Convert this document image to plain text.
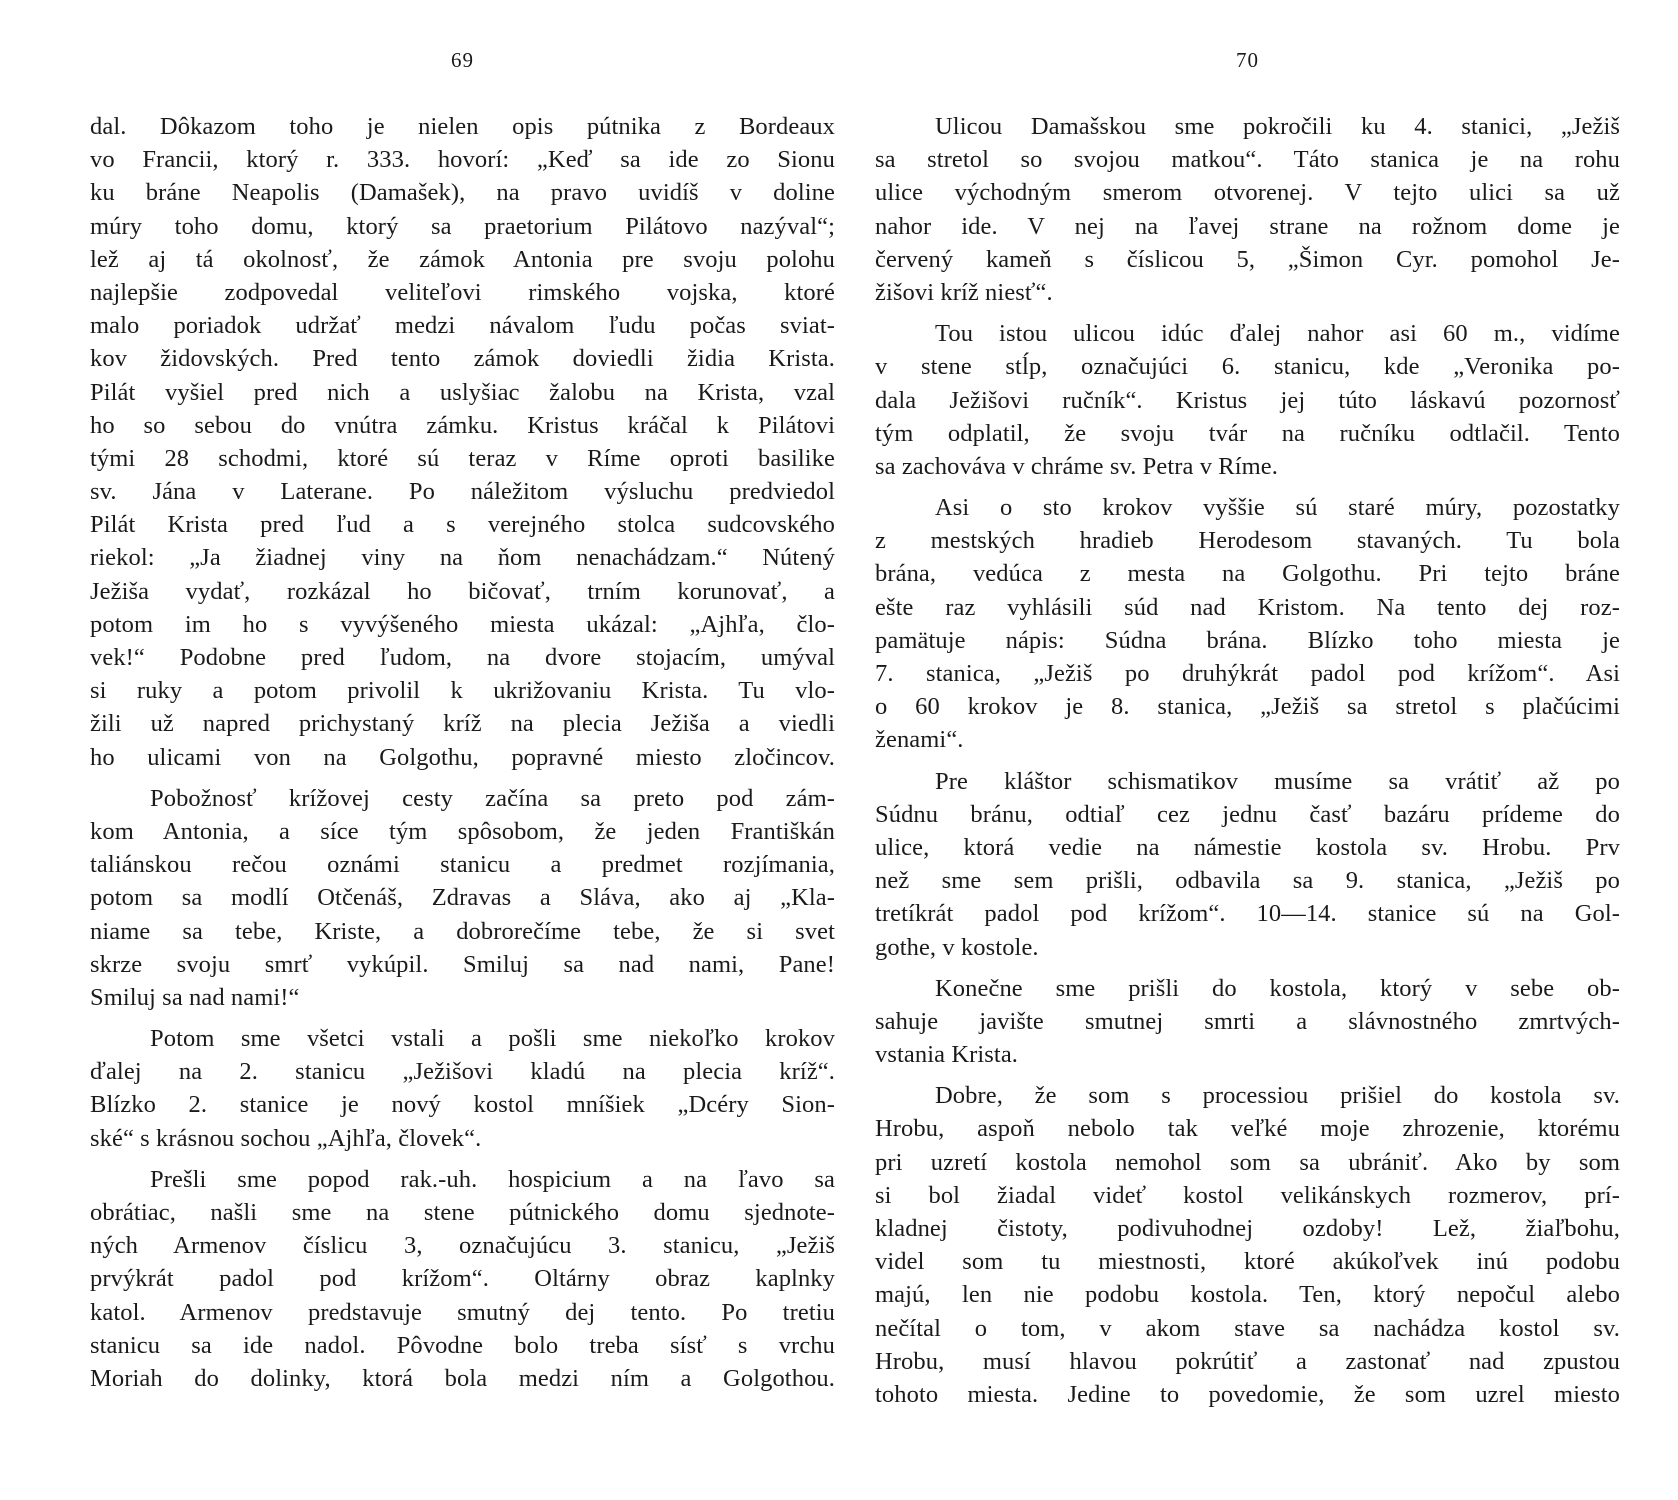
69
dal. Dôkazom toho je nielen opis pútnika z Bordeaux
vo Francii, ktorý r. 333. hovorí: „Keď sa ide zo Sionu
ku bráne Neapolis (Damašek), na pravo uvidíš v doline
múry toho domu, ktorý sa praetorium Pilátovo nazýval“;
lež aj tá okolnosť, že zámok Antonia pre svoju polohu
najlepšie zodpovedal veliteľovi rimského vojska, ktoré
malo poriadok udržať medzi návalom ľudu počas sviat-
kov židovských. Pred tento zámok doviedli židia Krista.
Pilát vyšiel pred nich a uslyšiac žalobu na Krista, vzal
ho so sebou do vnútra zámku. Kristus kráčal k Pilátovi
tými 28 schodmi, ktoré sú teraz v Ríme oproti basilike
sv. Jána v Laterane. Po náležitom výsluchu predviedol
Pilát Krista pred ľud a s verejného stolca sudcovského
riekol: „Ja žiadnej viny na ňom nenachádzam.“ Nútený
Ježiša vydať, rozkázal ho bičovať, trním korunovať, a
potom im ho s vyvýšeného miesta ukázal: „Ajhľa, člo-
vek!“ Podobne pred ľudom, na dvore stojacím, umýval
si ruky a potom privolil k ukrižovaniu Krista. Tu vlo-
žili už napred prichystaný kríž na plecia Ježiša a viedli
ho ulicami von na Golgothu, popravné miesto zločincov.
Pobožnosť krížovej cesty začína sa preto pod zám-
kom Antonia, a síce tým spôsobom, že jeden Františkán
taliánskou rečou oznámi stanicu a predmet rozjímania,
potom sa modlí Otčenáš, Zdravas a Sláva, ako aj „Kla-
niame sa tebe, Kriste, a dobrorečíme tebe, že si svet
skrze svoju smrť vykúpil. Smiluj sa nad nami, Pane!
Smiluj sa nad nami!“
Potom sme všetci vstali a pošli sme niekoľko krokov
ďalej na 2. stanicu „Ježišovi kladú na plecia kríž“.
Blízko 2. stanice je nový kostol mníšiek „Dcéry Sion-
ské“ s krásnou sochou „Ajhľa, človek“.
Prešli sme popod rak.-uh. hospicium a na ľavo sa
obrátiac, našli sme na stene pútnického domu sjednote-
ných Armenov číslicu 3, označujúcu 3. stanicu, „Ježiš
prvýkrát padol pod krížom“. Oltárny obraz kaplnky
katol. Armenov predstavuje smutný dej tento. Po tretiu
stanicu sa ide nadol. Pôvodne bolo treba sísť s vrchu
Moriah do dolinky, ktorá bola medzi ním a Golgothou.
70
Ulicou Damašskou sme pokročili ku 4. stanici, „Ježiš
sa stretol so svojou matkou“. Táto stanica je na rohu
ulice východným smerom otvorenej. V tejto ulici sa už
nahor ide. V nej na ľavej strane na rožnom dome je
červený kameň s číslicou 5, „Šimon Cyr. pomohol Je-
žišovi kríž niesť“.
Tou istou ulicou idúc ďalej nahor asi 60 m., vidíme
v stene stĺp, označujúci 6. stanicu, kde „Veronika po-
dala Ježišovi ručník“. Kristus jej túto láskavú pozornosť
tým odplatil, že svoju tvár na ručníku odtlačil. Tento
sa zachováva v chráme sv. Petra v Ríme.
Asi o sto krokov vyššie sú staré múry, pozostatky
z mestských hradieb Herodesom stavaných. Tu bola
brána, vedúca z mesta na Golgothu. Pri tejto bráne
ešte raz vyhlásili súd nad Kristom. Na tento dej roz-
pamätuje nápis: Súdna brána. Blízko toho miesta je
7. stanica, „Ježiš po druhýkrát padol pod krížom“. Asi
o 60 krokov je 8. stanica, „Ježiš sa stretol s plačúcimi
ženami“.
Pre kláštor schismatikov musíme sa vrátiť až po
Súdnu bránu, odtiaľ cez jednu časť bazáru prídeme do
ulice, ktorá vedie na námestie kostola sv. Hrobu. Prv
než sme sem prišli, odbavila sa 9. stanica, „Ježiš po
tretíkrát padol pod krížom“. 10—14. stanice sú na Gol-
gothe, v kostole.
Konečne sme prišli do kostola, ktorý v sebe ob-
sahuje javište smutnej smrti a slávnostného zmrtvých-
vstania Krista.
Dobre, že som s processiou prišiel do kostola sv.
Hrobu, aspoň nebolo tak veľké moje zhrozenie, ktorému
pri uzretí kostola nemohol som sa ubrániť. Ako by som
si bol žiadal videť kostol velikánskych rozmerov, prí-
kladnej čistoty, podivuhodnej ozdoby! Lež, žiaľbohu,
videl som tu miestnosti, ktoré akúkoľvek inú podobu
majú, len nie podobu kostola. Ten, ktorý nepočul alebo
nečítal o tom, v akom stave sa nachádza kostol sv.
Hrobu, musí hlavou pokrútiť a zastonať nad zpustou
tohoto miesta. Jedine to povedomie, že som uzrel miesto
